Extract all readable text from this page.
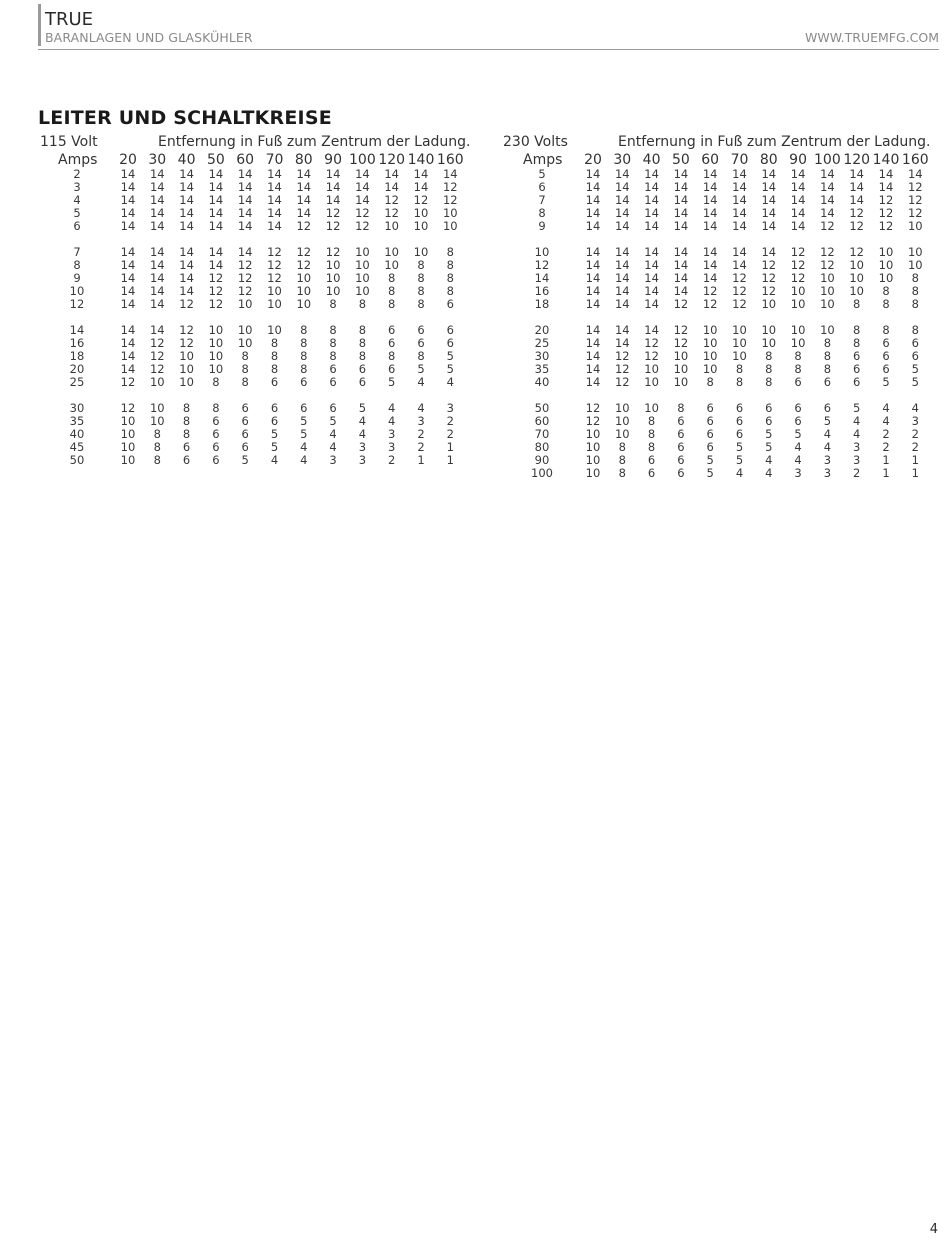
TRUE
BARANLAGEN UND GLASKÜHLER	WWW.TRUEMFG.COM
LEITER UND SCHALTKREISE
115 Volt	Entfernung in Fuß zum Zentrum der Ladung.
Amps	20 30 40 50 60 70 80 90 100 120 140 160
2	14	14	14	14	14	14	14	14	14	14	14	14
3	14	14	14	14	14	14	14	14	14	14	14	12
4	14	14	14	14	14	14	14	14	14	12	12	12
5	14	14	14	14	14	14	14	12	12	12	10	10
6	14	14	14	14	14	14	12	12	12	10	10	10
7	14	14	14	14	14	12	12	12	10	10	10	8
8	14	14	14	14	12	12	12	10	10	10	8	8
9	14	14	14	12	12	12	10	10	10	8	8	8
10	14	14	14	12	12	10	10	10	10	8	8	8
12	14	14	12	12	10	10	10	8	8	8	8	6
14	14	14	12	10	10	10	8	8	8	6	6	6
16	14	12	12	10	10	8	8	8	8	6	6	6
18	14	12	10	10	8	8	8	8	8	8	8	5
20	14	12	10	10	8	8	8	6	6	6	5	5
25	12	10	10	8	8	6	6	6	6	5	4	4
30	12	10	8	8	6	6	6	6	5	4	4	3
35	10	10	8	6	6	6	5	5	4	4	3	2
40	10	8	8	6	6	5	5	4	4	3	2	2
45	10	8	6	6	6	5	4	4	3	3	2	1
50	10	8	6	6	5	4	4	3	3	2	1	1
230 Volts	Entfernung in Fuß zum Zentrum der Ladung.
Amps	20 30 40 50 60 70 80 90 100 120 140 160
5	14	14	14	14	14	14	14	14	14	14	14	14
6	14	14	14	14	14	14	14	14	14	14	14	12
7	14	14	14	14	14	14	14	14	14	14	12	12
8	14	14	14	14	14	14	14	14	14	12	12	12
9	14	14	14	14	14	14	14	14	12	12	12	10
10	14	14	14	14	14	14	14	12	12	12	10	10
12	14	14	14	14	14	14	12	12	12	10	10	10
14	14	14	14	14	14	12	12	12	10	10	10	8
16	14	14	14	14	12	12	12	10	10	10	8	8
18	14	14	14	12	12	12	10	10	10	8	8	8
20	14	14	14	12	10	10	10	10	10	8	8	8
25	14	14	12	12	10	10	10	10	8	8	6	6
30	14	12	12	10	10	10	8	8	8	6	6	6
35	14	12	10	10	10	8	8	8	8	6	6	5
40	14	12	10	10	8	8	8	6	6	6	5	5
50	12	10	10	8	6	6	6	6	6	5	4	4
60	12	10	8	6	6	6	6	6	5	4	4	3
70	10	10	8	6	6	6	5	5	4	4	2	2
80	10	8	8	6	6	5	5	4	4	3	2	2
90	10	8	6	6	5	5	4	4	3	3	1	1
100	10	8	6	6	5	4	4	3	3	2	1	1
4
